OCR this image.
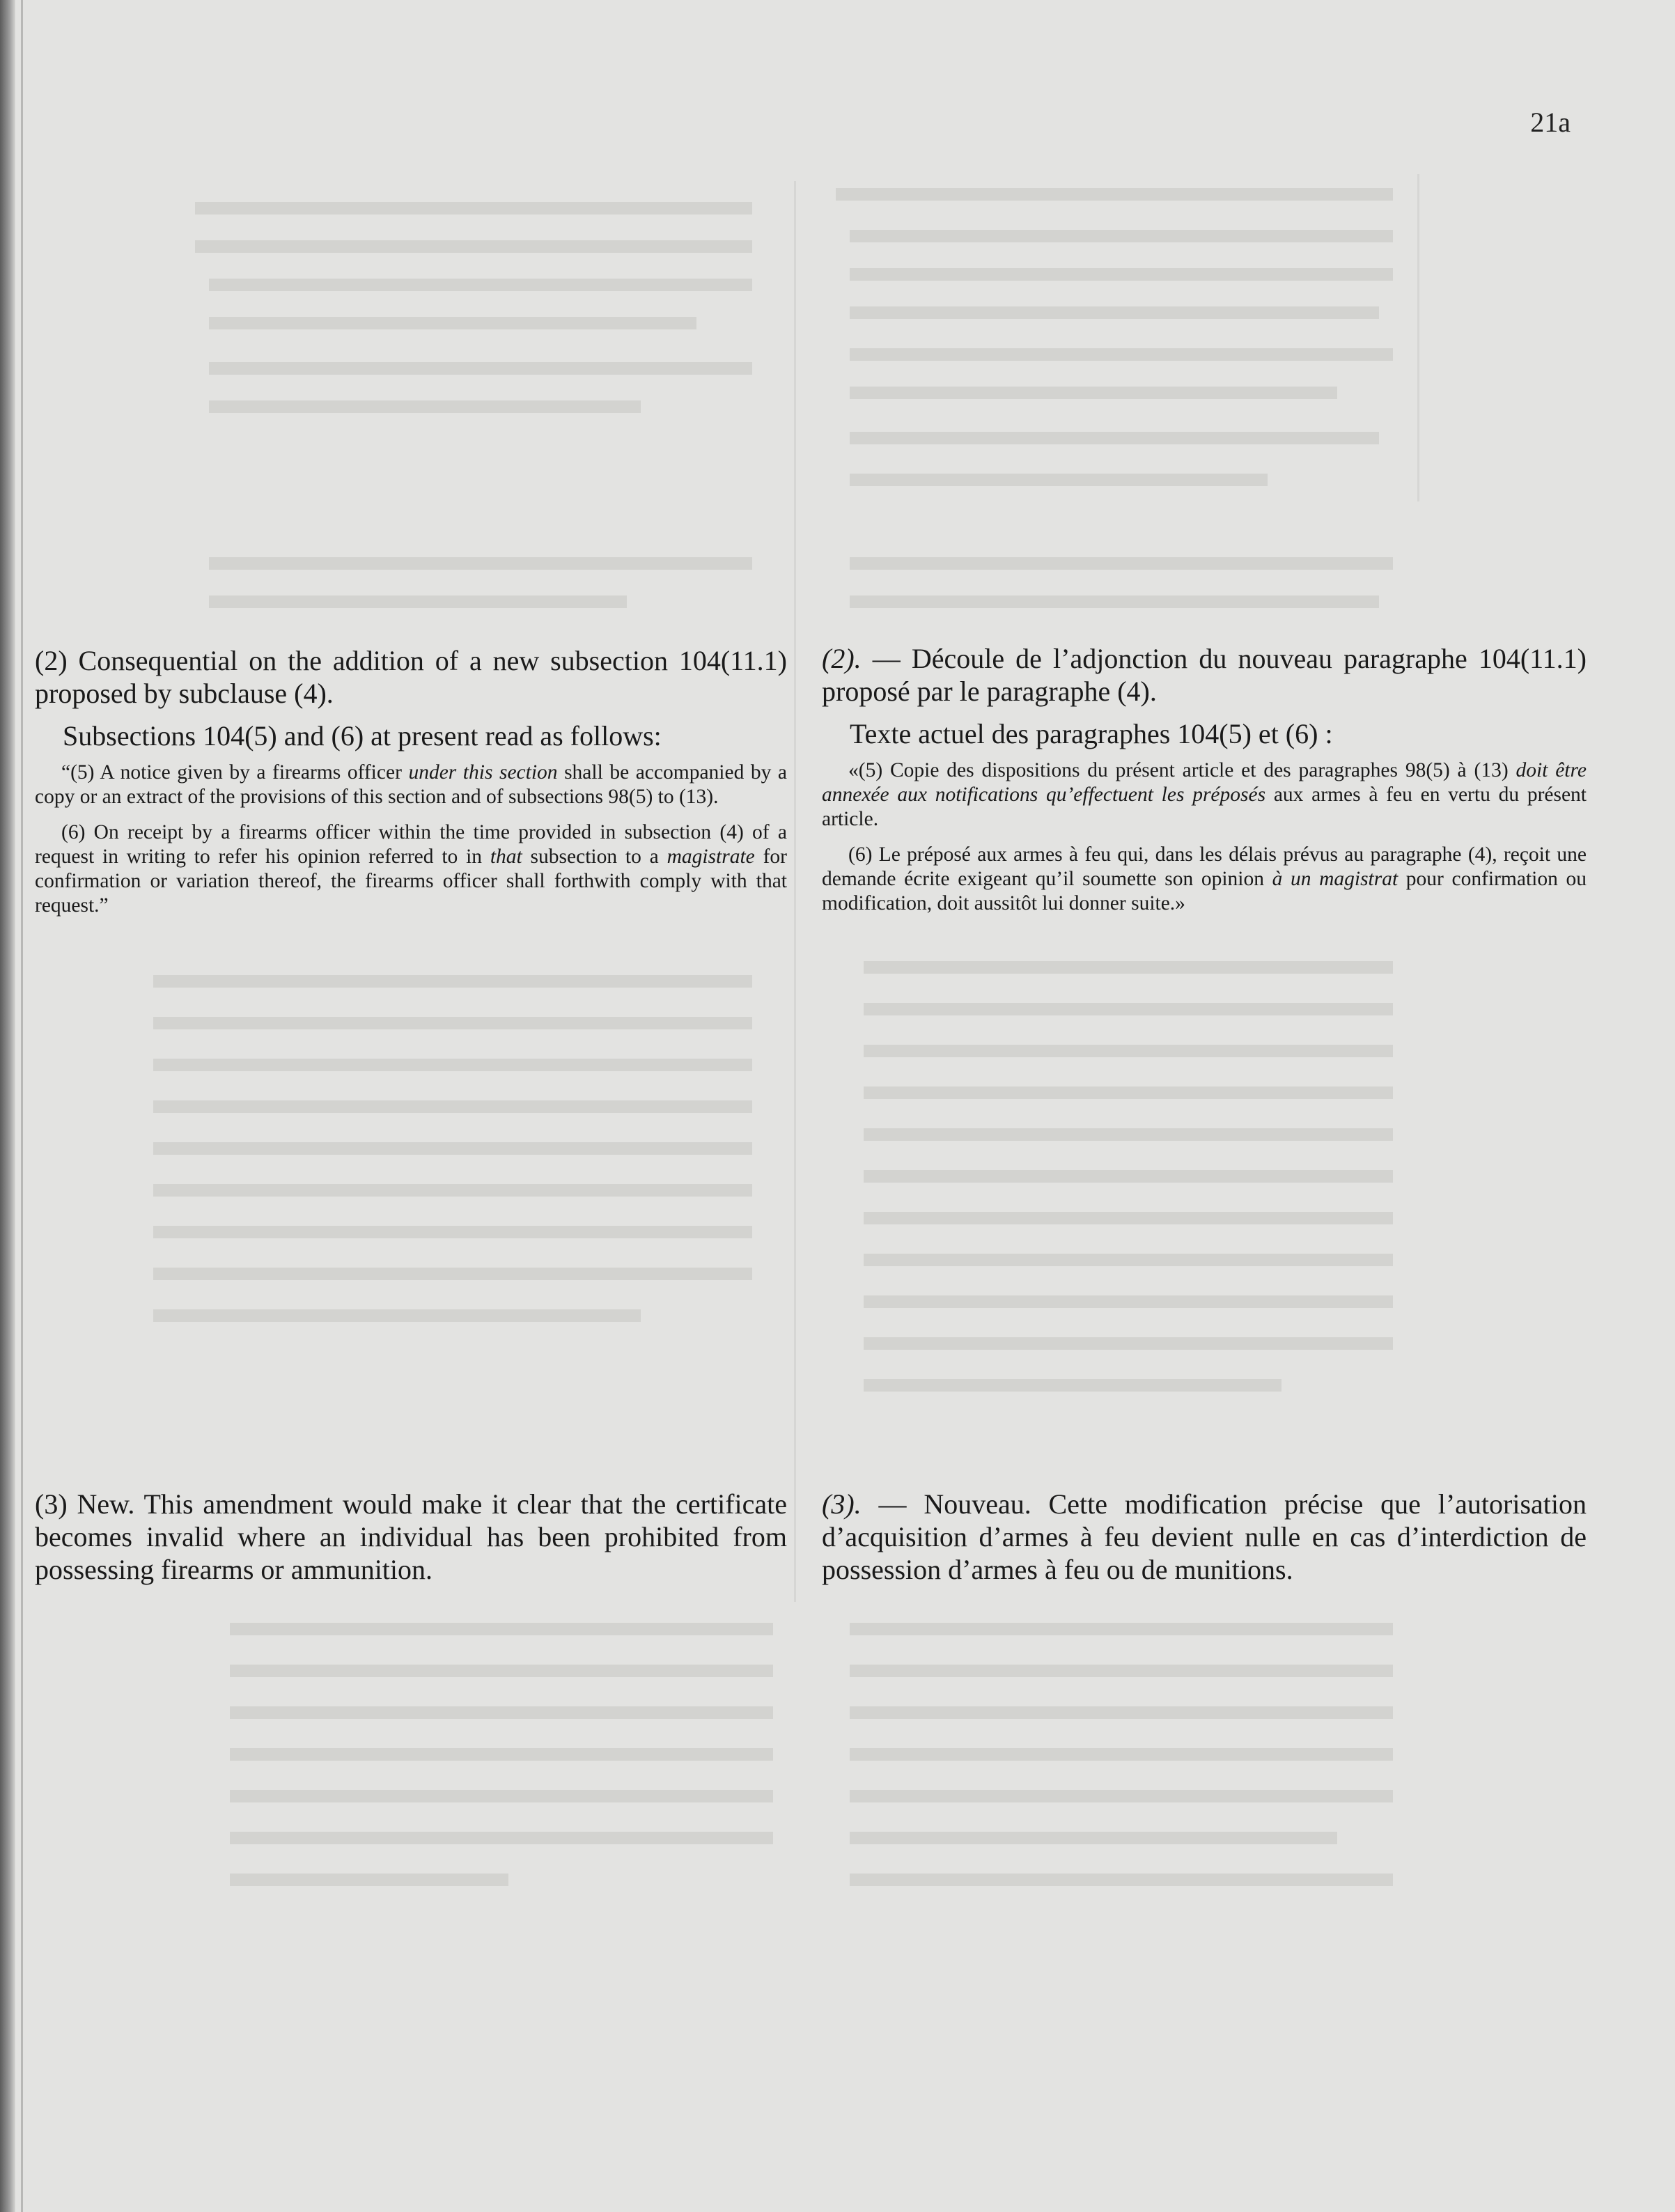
21a

(2) Consequential on the addition of a new subsection 104(11.1) proposed by subclause (4).

Subsections 104(5) and (6) at present read as follows:

“(5) A notice given by a firearms officer under this section shall be accompanied by a copy or an extract of the provisions of this section and of subsections 98(5) to (13).

(6) On receipt by a firearms officer within the time provided in subsection (4) of a request in writing to refer his opinion referred to in that subsection to a magistrate for confirmation or variation thereof, the firearms officer shall forthwith comply with that request.”

(3) New. This amendment would make it clear that the certificate becomes invalid where an individual has been prohibited from possessing firearms or ammunition.

(2). — Découle de l’adjonction du nouveau paragraphe 104(11.1) proposé par le paragraphe (4).

Texte actuel des paragraphes 104(5) et (6) :

«(5) Copie des dispositions du présent article et des paragraphes 98(5) à (13) doit être annexée aux notifications qu’effectuent les préposés aux armes à feu en vertu du présent article.

(6) Le préposé aux armes à feu qui, dans les délais prévus au paragraphe (4), reçoit une demande écrite exigeant qu’il soumette son opinion à un magistrat pour confirmation ou modification, doit aussitôt lui donner suite.»

(3). — Nouveau. Cette modification précise que l’autorisation d’acquisition d’armes à feu devient nulle en cas d’interdiction de possession d’armes à feu ou de munitions.
